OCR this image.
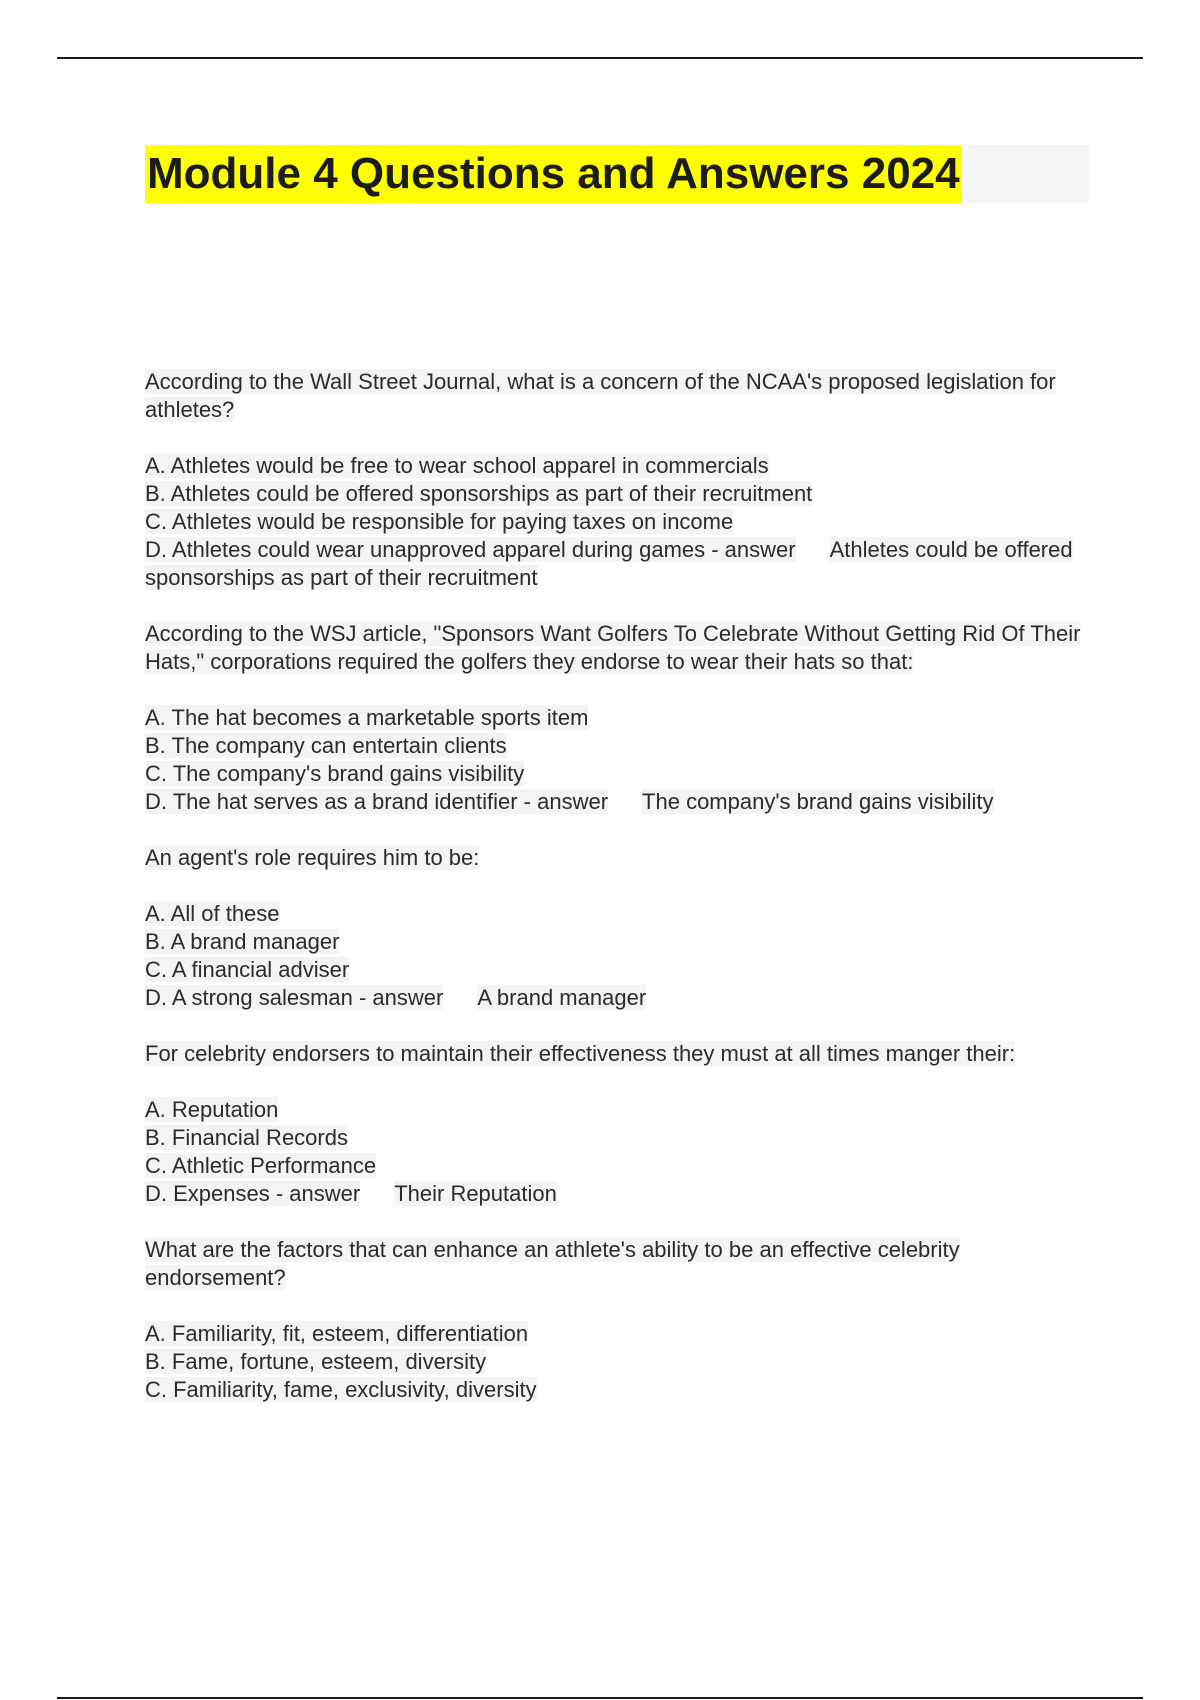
Module 4 Questions and Answers 2024

According to the Wall Street Journal, what is a concern of the NCAA's proposed legislation for athletes?

A. Athletes would be free to wear school apparel in commercials
B. Athletes could be offered sponsorships as part of their recruitment
C. Athletes would be responsible for paying taxes on income
D. Athletes could wear unapproved apparel during games - answer Athletes could be offered sponsorships as part of their recruitment

According to the WSJ article, "Sponsors Want Golfers To Celebrate Without Getting Rid Of Their Hats," corporations required the golfers they endorse to wear their hats so that:

A. The hat becomes a marketable sports item
B. The company can entertain clients
C. The company's brand gains visibility
D. The hat serves as a brand identifier - answer The company's brand gains visibility

An agent's role requires him to be:

A. All of these
B. A brand manager
C. A financial adviser
D. A strong salesman - answer A brand manager

For celebrity endorsers to maintain their effectiveness they must at all times manger their:

A. Reputation
B. Financial Records
C. Athletic Performance
D. Expenses - answer Their Reputation

What are the factors that can enhance an athlete's ability to be an effective celebrity endorsement?

A. Familiarity, fit, esteem, differentiation
B. Fame, fortune, esteem, diversity
C. Familiarity, fame, exclusivity, diversity
